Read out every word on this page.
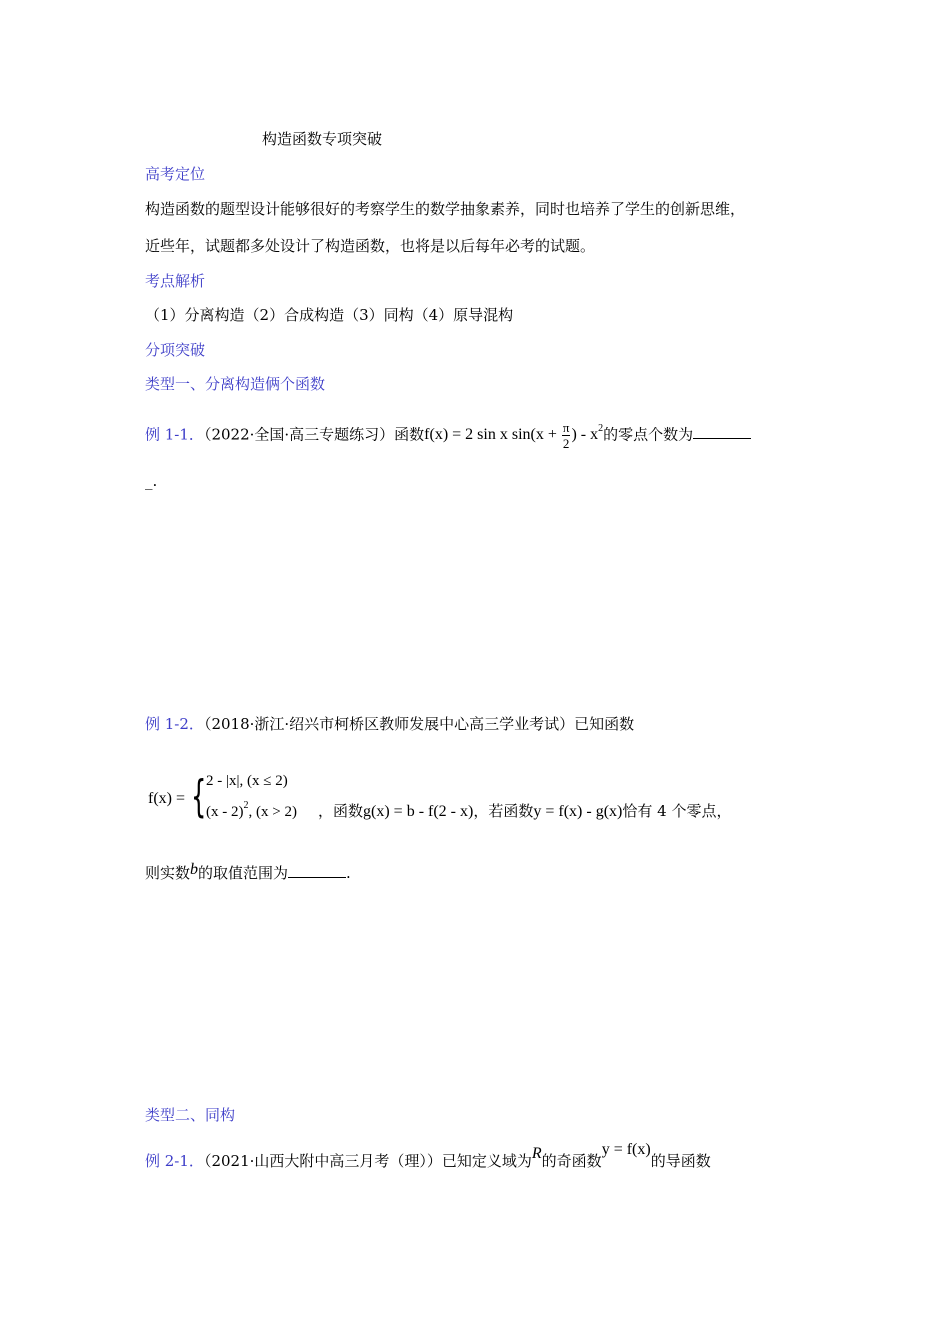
构造函数专项突破
高考定位
构造函数的题型设计能够很好的考察学生的数学抽象素养，同时也培养了学生的创新思维，
近些年，试题都多处设计了构造函数，也将是以后每年必考的试题。
考点解析
（1）分离构造（2）合成构造（3）同构（4）原导混构
分项突破
类型一、分离构造俩个函数
例 1-1．（2022·全国·高三专题练习）函数f(x) = 2 sin x $\sin(x + \frac{\pi}{2}$ ) - $x^2$的零点个数为
_.
例 1-2．（2018·浙江·绍兴市柯桥区教师发展中心高三学业考试）已知函数
f(x) = { 2 - |x|, (x ≤ 2)
(x - 2)$^2$, (x > 2) ，函数g(x) = b - f(2 - x)，若函数y = f(x) - g(x)恰有 4 个零点，
则实数b的取值范围为	.
类型二、同构
例 2-1．（2021·山西大附中高三月考（理））已知定义域为R的奇函数y = f(x)的导函数
